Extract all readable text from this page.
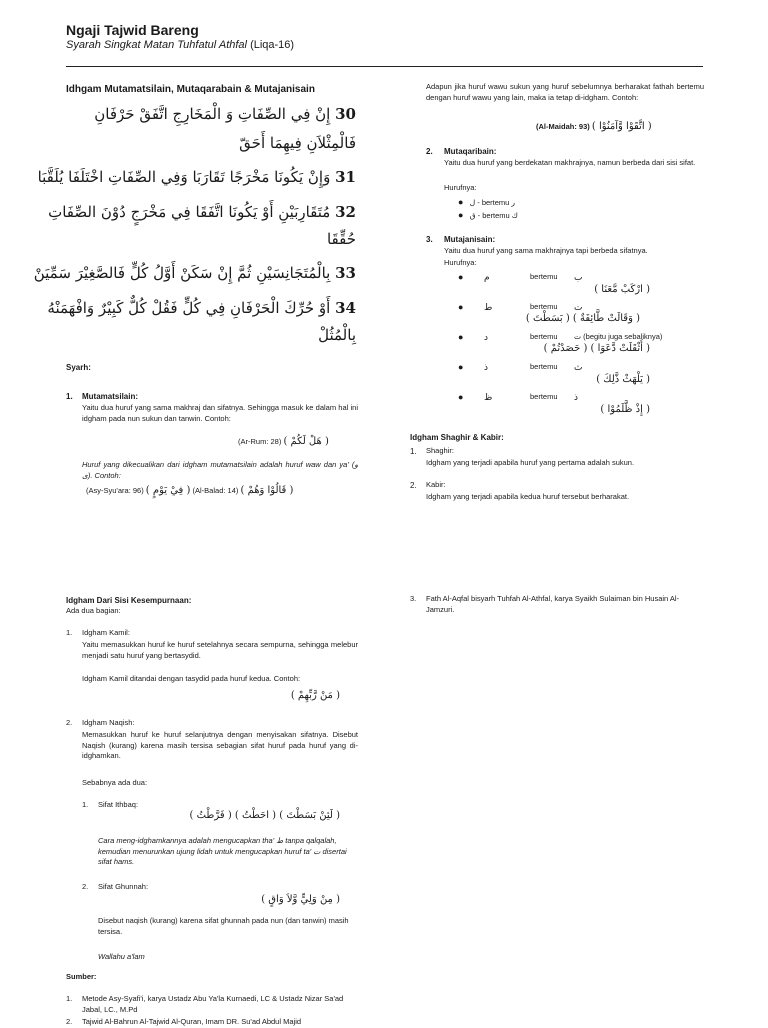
Ngaji Tajwid Bareng
Syarah Singkat Matan Tuhfatul Athfal (Liqa-16)
Idhgam Mutamatsilain, Mutaqarabain & Mutajanisain
30 إِنْ فِي الصِّفَاتِ وَ الْمَخَارِجِ اتَّفَقْ حَرْفَانِ
فَالْمِثْلاَنِ فِيهِمَا أَحَقّ
31 وَإِنْ يَكُونَا مَخْرَجًا تَقَارَبَا وَفِي الصِّفَاتِ اخْتَلَفَا يُلَقَّبَا
32 مُتَقَارِبَيْنِ أَوْ يَكُونَا اتَّفَقَا فِي مَخْرَجٍ دُوْنَ الصِّفَاتِ
حُقِّقَا
33 بِالْمُتَجَانِسَيْنِ ثُمَّ إِنْ سَكَنْ أَوَّلُ كُلٍّ فَالصَّغِيْرَ سَمِّيَنْ
34 أَوْ حُرِّكَ الْحَرْفَانِ فِي كُلٍّ فَقُلْ كُلٌّ كَبِيْرٌ وَافْهَمَنْهُ
بِالْمُثُلْ
Syarh:
1. Mutamatsilain:
Yaitu dua huruf yang sama makhraj dan sifatnya. Sehingga masuk ke dalam hal ini idgham pada nun sukun dan tanwin. Contoh:
(Ar-Rum: 28) ( هَلْ لَكُمْ )
Huruf yang dikecualikan dari idgham mutamatsilain adalah huruf waw dan ya' (و ى). Contoh:
(Asy-Syu'ara: 96) ( فِيْ يَوْمٍ ) (Al-Balad: 14) ( قَالُوْا وَهُمْ )
Adapun jika huruf wawu sukun yang huruf sebelumnya berharakat fathah bertemu dengan huruf wawu yang lain, maka ia tetap di-idgham. Contoh:
(Al-Maidah: 93) ( اتَّقَوْا وَّآمَنُوْا )
2. Mutaqaribain:
Yaitu dua huruf yang berdekatan makhrajnya, namun berbeda dari sisi sifat.
Hurufnya:
● ل - bertemu ر
● ق - bertemu ك
3. Mutajanisain:
Yaitu dua huruf yang sama makhrajnya tapi berbeda sifatnya.
Hurufnya:
● م	bertemu ب
( ارْكَبْ مَّعَنَا )
● ط	bertemu ت
( وَقَالَتْ طَّائِفَةٌ ) ( بَسَطْتَ )
● د	bertemu ت (begitu juga sebaliknya)
( أَثْقَلَتْ دَّعَوَا ) ( حَصَدْتُمْ )
● ذ	bertemu ث
( يَلْهَثْ ذَّلِكَ )
● ظ	bertemu ذ
( إِذْ ظَّلَمُوْا )
Idgham Shaghir & Kabir:
1. Shaghir:
Idgham yang terjadi apabila huruf yang pertama adalah sukun.
2. Kabir:
Idgham yang terjadi apabila kedua huruf tersebut berharakat.
Idgham Dari Sisi Kesempurnaan:
Ada dua bagian:
1. Idgham Kamil:
Yaitu memasukkan huruf ke huruf setelahnya secara sempurna, sehingga melebur menjadi satu huruf yang bertasydid.
Idgham Kamil ditandai dengan tasydid pada huruf kedua. Contoh:
( مَنْ رَّبِّهِمْ )
2. Idgham Naqish:
Memasukkan huruf ke huruf selanjutnya dengan menyisakan sifatnya. Disebut Naqish (kurang) karena masih tersisa sebagian sifat huruf pada huruf yang di-idghamkan.
Sebabnya ada dua:
1. Sifat Ithbaq:
( لَئِنْ بَسَطْتَ ) ( احَطْتُ ) ( فَرَّطْتُ )
Cara meng-idghamkannya adalah mengucapkan tha' ط tanpa qalqalah, kemudian menurunkan ujung lidah untuk mengucapkan huruf ta' ت disertai sifat hams.
2. Sifat Ghunnah:
( مِنْ وَلِيٍّ وَّلاَ وَاقٍ )
Disebut naqish (kurang) karena sifat ghunnah pada nun (dan tanwin) masih tersisa.
Wallahu a'lam
Sumber:
1. Metode Asy-Syafi'i, karya Ustadz Abu Ya'la Kurnaedi, LC & Ustadz Nizar Sa'ad Jabal, LC., M.Pd
2. Tajwid Al-Bahrun Al-Tajwid Al-Quran, Imam DR. Su'ad Abdul Majid
3. Fath Al-Aqfal bisyarh Tuhfah Al-Athfal, karya Syaikh Sulaiman bin Husain Al-Jamzuri.
